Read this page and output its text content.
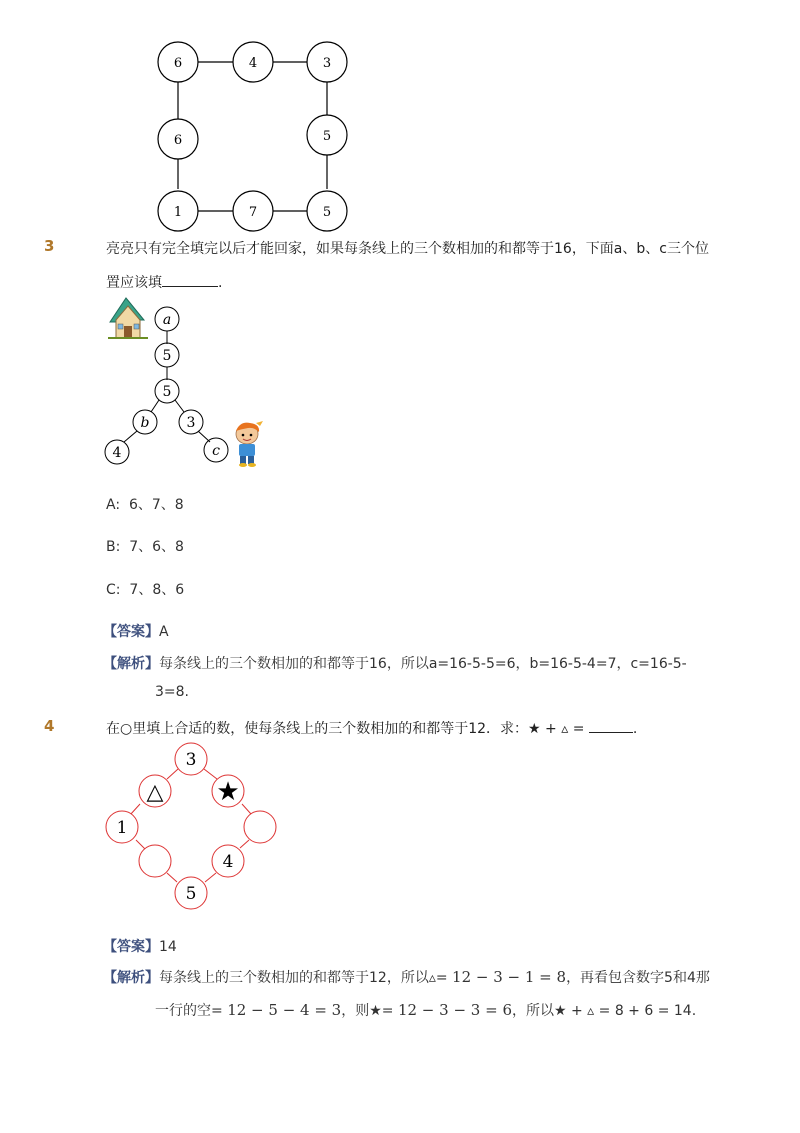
6	4	3
6	5
1	7	5
3	亮亮只有完全填完以后才能回家，如果每条线上的三个数相加的和都等于16，下面a、b、c三个位
置应该填	.
a
5
5
b	3
4	c
A: 6、7、8
B: 7、6、8
C: 7、8、6
【答案】A
【解析】每条线上的三个数相加的和都等于16，所以a=16-5-5=6，b=16-5-4=7，c=16-5-
3=8.
4	在○里填上合适的数，使每条线上的三个数相加的和都等于12．求：★ + ▵ =	.
3
△ ★
1
4
5
【答案】14
【解析】每条线上的三个数相加的和都等于12，所以▵= 12 − 3 − 1 = 8，再看包含数字5和4那
一行的空= 12 − 5 − 4 = 3，则★= 12 − 3 − 3 = 6，所以★ + ▵ = 8 + 6 = 14.
